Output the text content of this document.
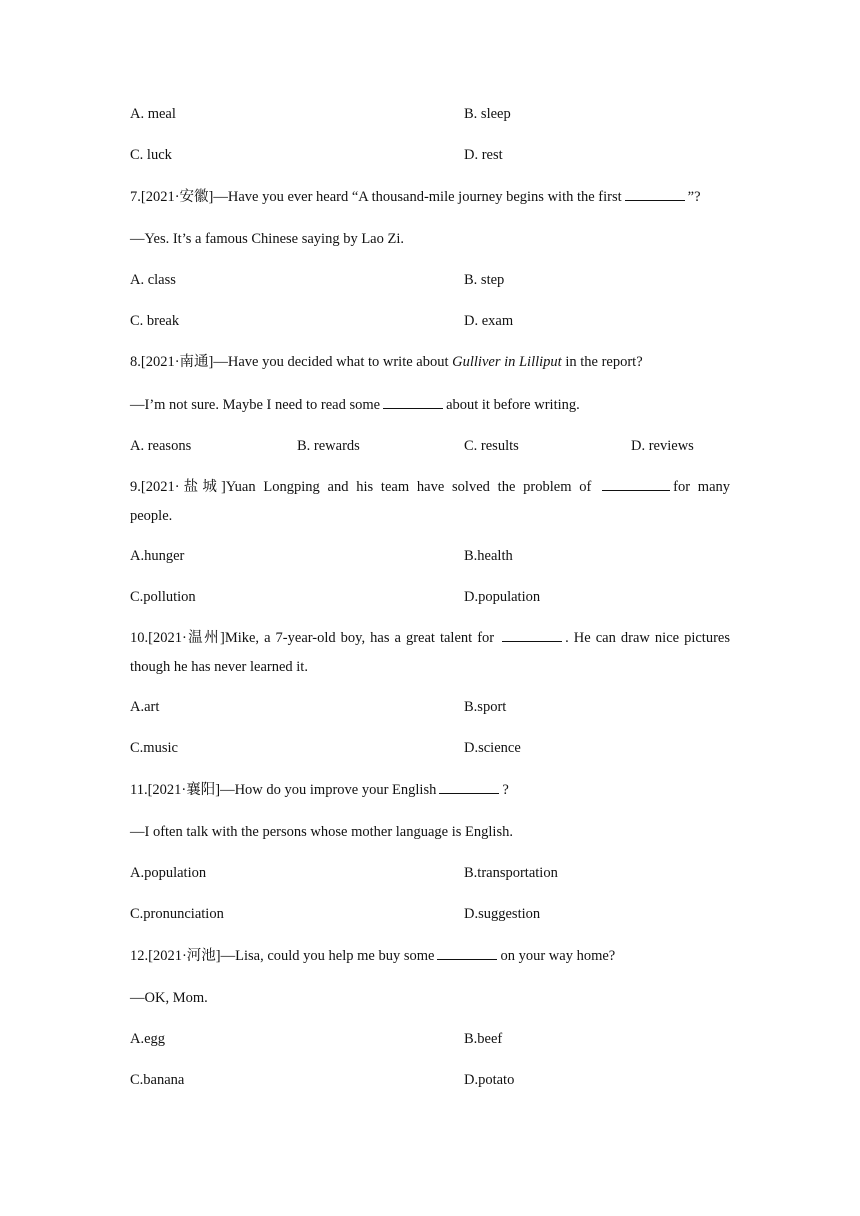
A. meal	B. sleep
C. luck	D. rest
7.[2021·安徽]—Have you ever heard “A thousand-mile journey begins with the first	”?
—Yes. It’s a famous Chinese saying by Lao Zi.
A. class	B. step
C. break	D. exam
8.[2021·南通]—Have you decided what to write about Gulliver in Lilliput in the report?
—I’m not sure. Maybe I need to read some	about it before writing.
A. reasons	B. rewards	C. results	D. reviews
9.[2021·盐城]Yuan Longping and his team have solved the problem of	for many
people.
A.hunger	B.health
C.pollution	D.population
10.[2021·温州]Mike, a 7-year-old boy, has a great talent for	. He can draw nice pictures
though he has never learned it.
A.art	B.sport
C.music	D.science
11.[2021·襄阳]—How do you improve your English	?
—I often talk with the persons whose mother language is English.
A.population	B.transportation
C.pronunciation	D.suggestion
12.[2021·河池]—Lisa, could you help me buy some	on your way home?
—OK, Mom.
A.egg	B.beef
C.banana	D.potato
